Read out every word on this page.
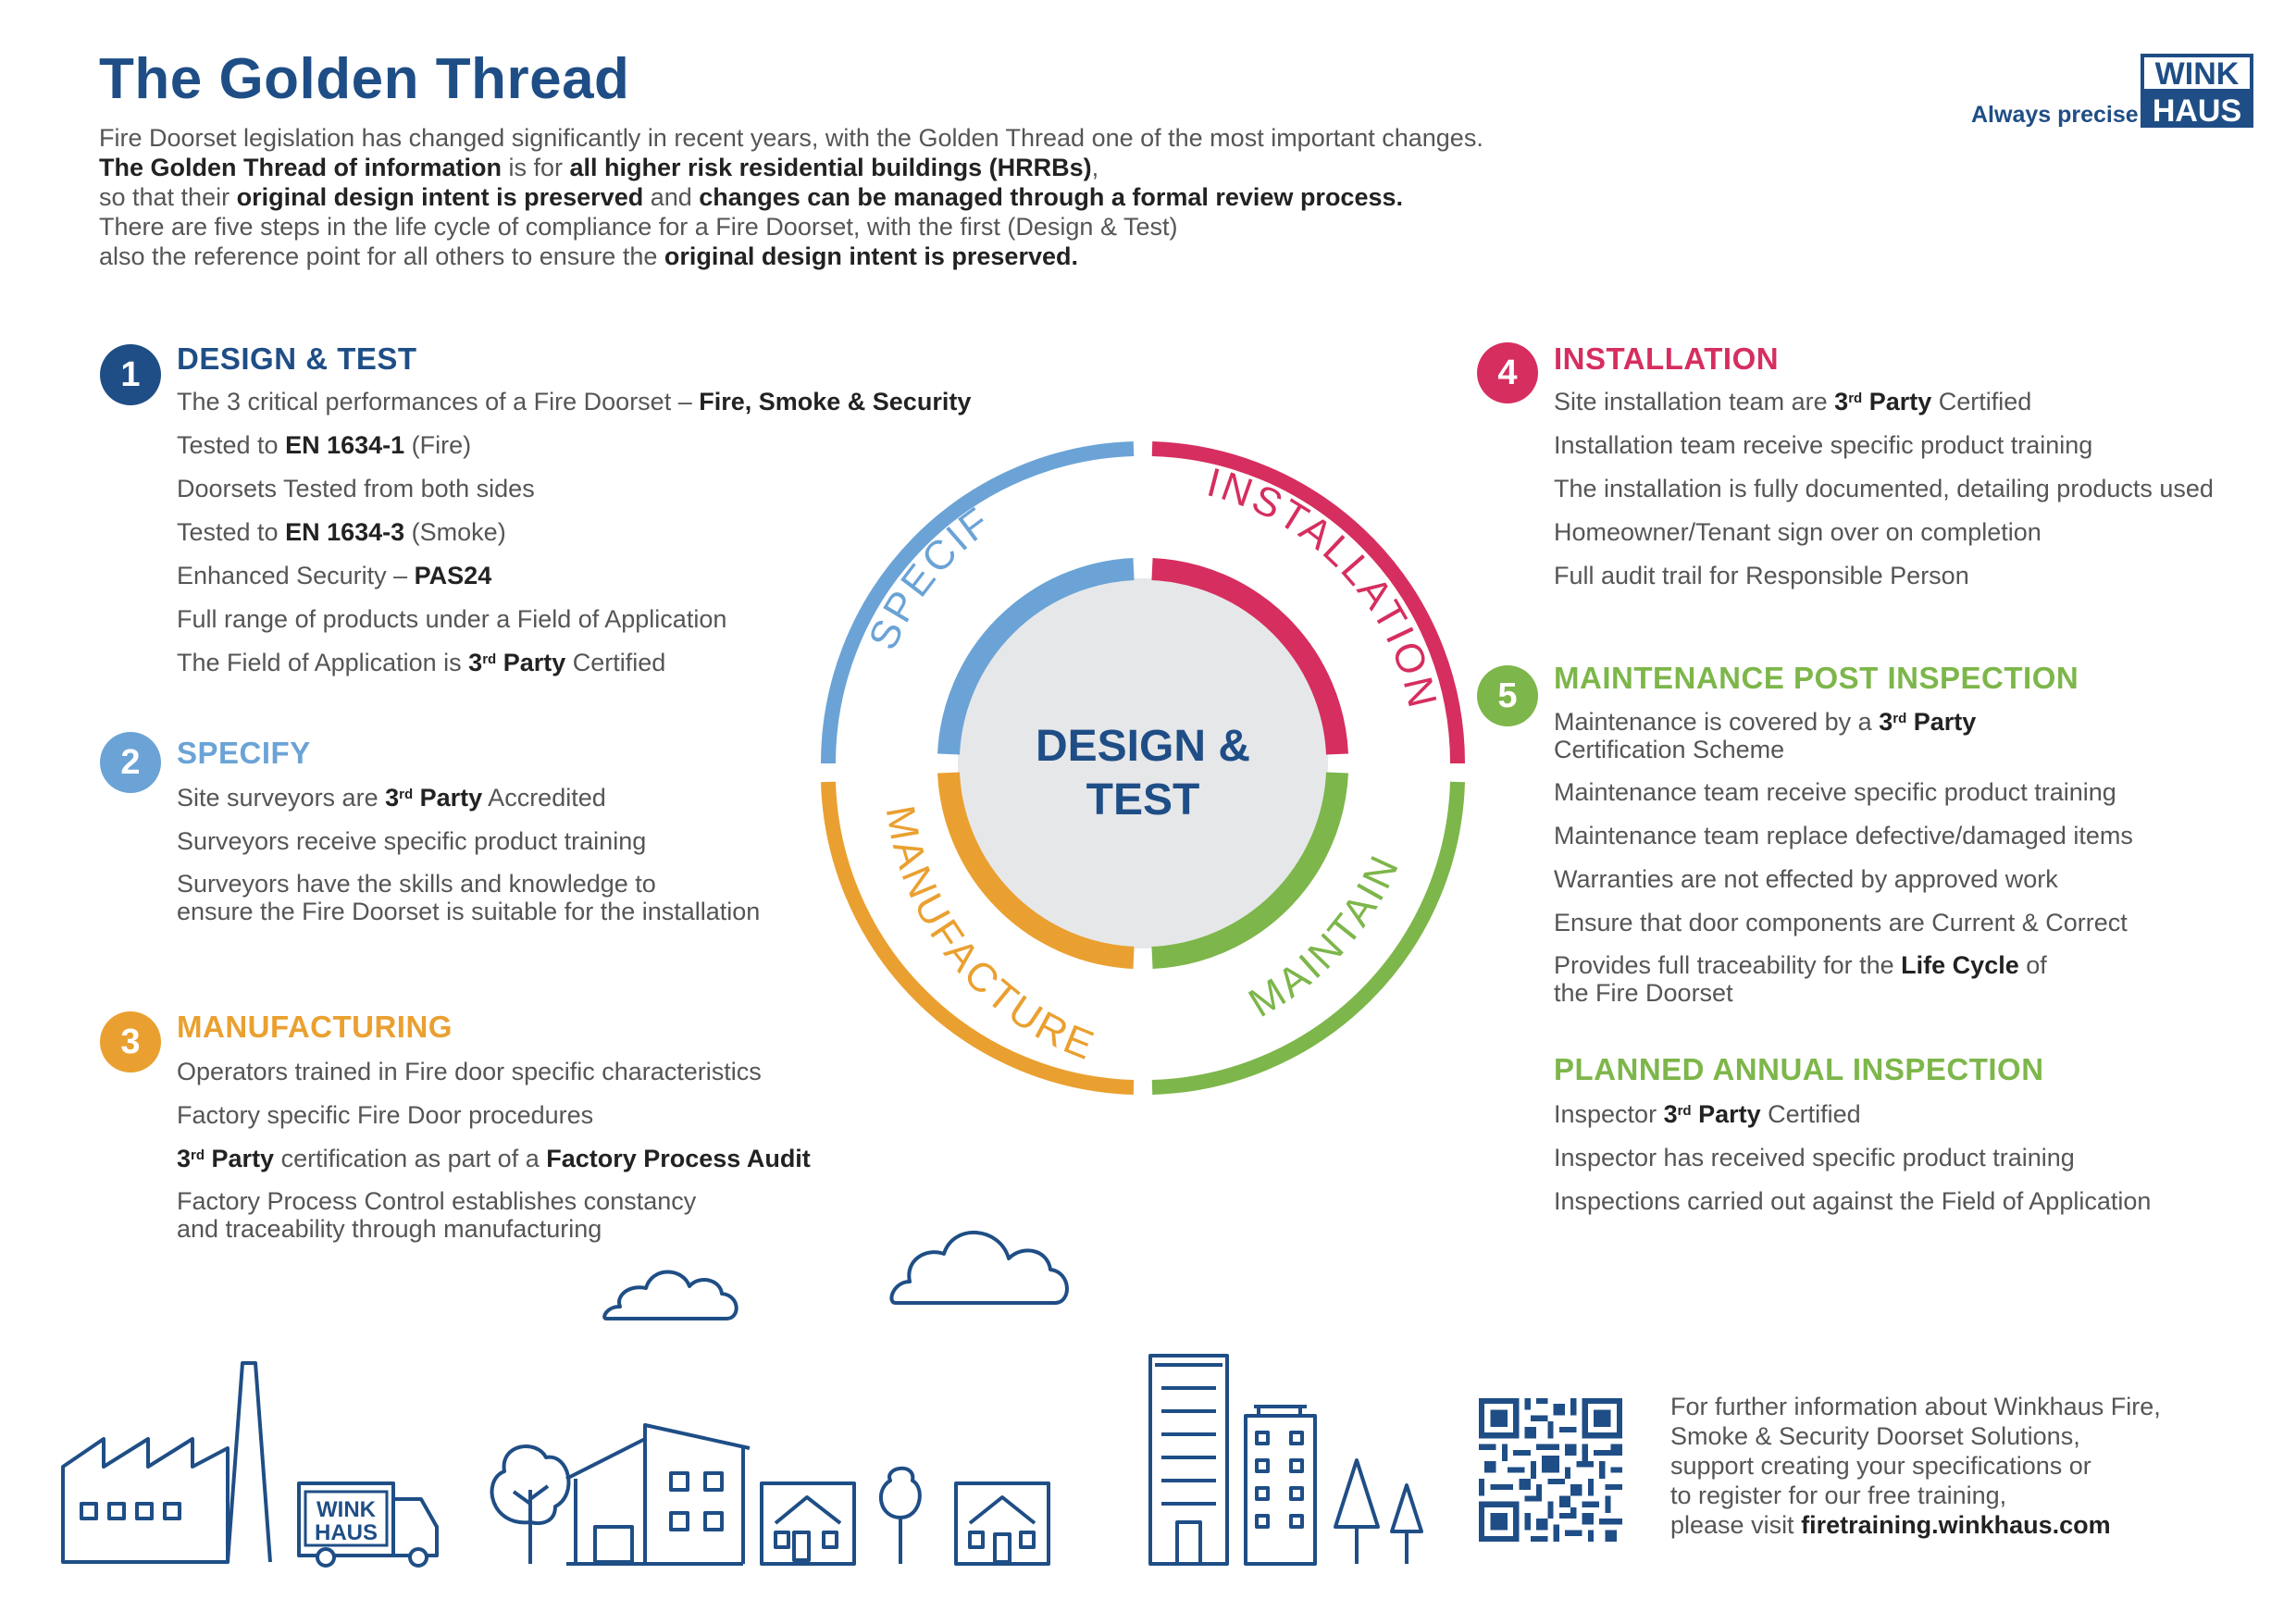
The Golden Thread

Fire Doorset legislation has changed significantly in recent years, with the Golden Thread one of the most important changes.

The Golden Thread of information is for all higher risk residential buildings (HRRBs),

so that their original design intent is preserved and changes can be managed through a formal review process.

There are five steps in the life cycle of compliance for a Fire Doorset, with the first (Design & Test)

also the reference point for all others to ensure the original design intent is preserved.

Always precise
WINK
HAUS
1	DESIGN & TEST
The 3 critical performances of a Fire Doorset – Fire, Smoke & Security
Tested to EN 1634-1 (Fire)
Doorsets Tested from both sides
Tested to EN 1634-3 (Smoke)
Enhanced Security – PAS24
Full range of products under a Field of Application
The Field of Application is 3rd Party Certified
2	SPECIFY
Site surveyors are 3rd Party Accredited
Surveyors receive specific product training
Surveyors have the skills and knowledge to
ensure the Fire Doorset is suitable for the installation
3	MANUFACTURING
Operators trained in Fire door specific characteristics
Factory specific Fire Door procedures
3rd Party certification as part of a Factory Process Audit
Factory Process Control establishes constancy
and traceability through manufacturing
4	INSTALLATION
Site installation team are 3rd Party Certified
Installation team receive specific product training
The installation is fully documented, detailing products used
Homeowner/Tenant sign over on completion
Full audit trail for Responsible Person
5	MAINTENANCE POST INSPECTION
Maintenance is covered by a 3rd Party
Certification Scheme
Maintenance team receive specific product training
Maintenance team replace defective/damaged items
Warranties are not effected by approved work
Ensure that door components are Current & Correct
Provides full traceability for the Life Cycle of
the Fire Doorset
PLANNED ANNUAL INSPECTION
Inspector 3rd Party Certified
Inspector has received specific product training
Inspections carried out against the Field of Application
SPECIF
INSTALLATION
MANUFACTURE
MAINTAIN
DESIGN &
TEST
WINK
HAUS

For further information about Winkhaus Fire,

Smoke & Security Doorset Solutions,

support creating your specifications or

to register for our free training,

please visit firetraining.winkhaus.com
